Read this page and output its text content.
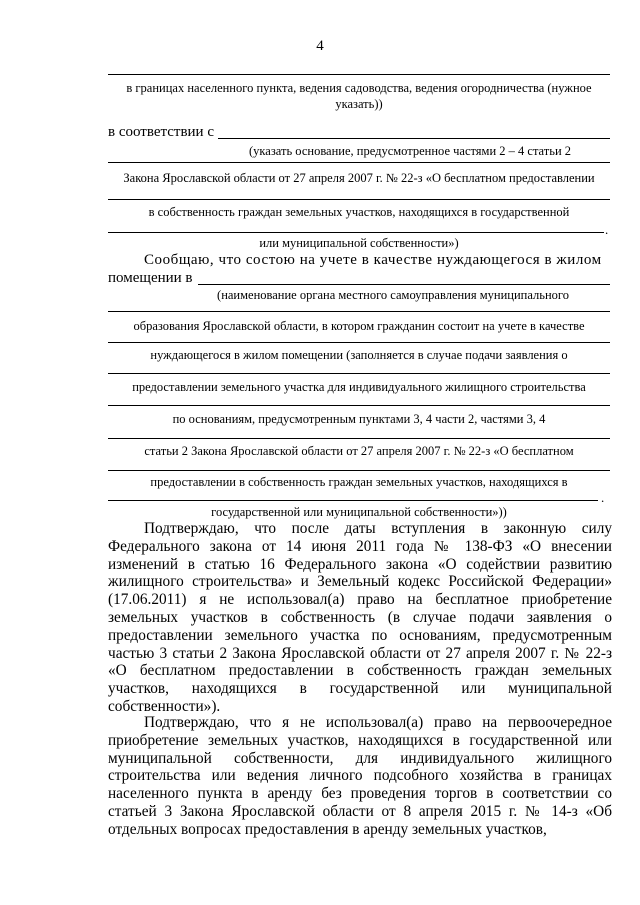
4
в границах населенного пункта, ведения садоводства, ведения огородничества (нужное
указать))
в соответствии с
(указать основание, предусмотренное частями 2 – 4 статьи 2
Закона Ярославской области от 27 апреля 2007 г. № 22-з «О бесплатном предоставлении
в собственность граждан земельных участков, находящихся в государственной
.
или муниципальной собственности»)
Сообщаю, что состою на учете в качестве нуждающегося в жилом
помещении в
(наименование органа местного самоуправления муниципального
образования Ярославской области, в котором гражданин состоит на учете в качестве
нуждающегося в жилом помещении (заполняется в случае подачи заявления о
предоставлении земельного участка для индивидуального жилищного строительства
по основаниям, предусмотренным пунктами 3, 4 части 2, частями 3, 4
статьи 2 Закона Ярославской области от 27 апреля 2007 г. № 22-з «О бесплатном
предоставлении в собственность граждан земельных участков, находящихся в
.
государственной или муниципальной собственности»))

Подтверждаю, что после даты вступления в законную силу Федерального закона от 14 июня 2011 года № 138-ФЗ «О внесении изменений в статью 16 Федерального закона «О содействии развитию жилищного строительства» и Земельный кодекс Российской Федерации» (17.06.2011) я не использовал(а) право на бесплатное приобретение земельных участков в собственность (в случае подачи заявления о предоставлении земельного участка по основаниям, предусмотренным частью 3 статьи 2 Закона Ярославской области от 27 апреля 2007 г. № 22-з «О бесплатном предоставлении в собственность граждан земельных участков, находящихся в государственной или муниципальной собственности»).

Подтверждаю, что я не использовал(а) право на первоочередное приобретение земельных участков, находящихся в государственной или муниципальной собственности, для индивидуального жилищного строительства или ведения личного подсобного хозяйства в границах населенного пункта в аренду без проведения торгов в соответствии со статьей 3 Закона Ярославской области от 8 апреля 2015 г. № 14-з «Об отдельных вопросах предоставления в аренду земельных участков,
